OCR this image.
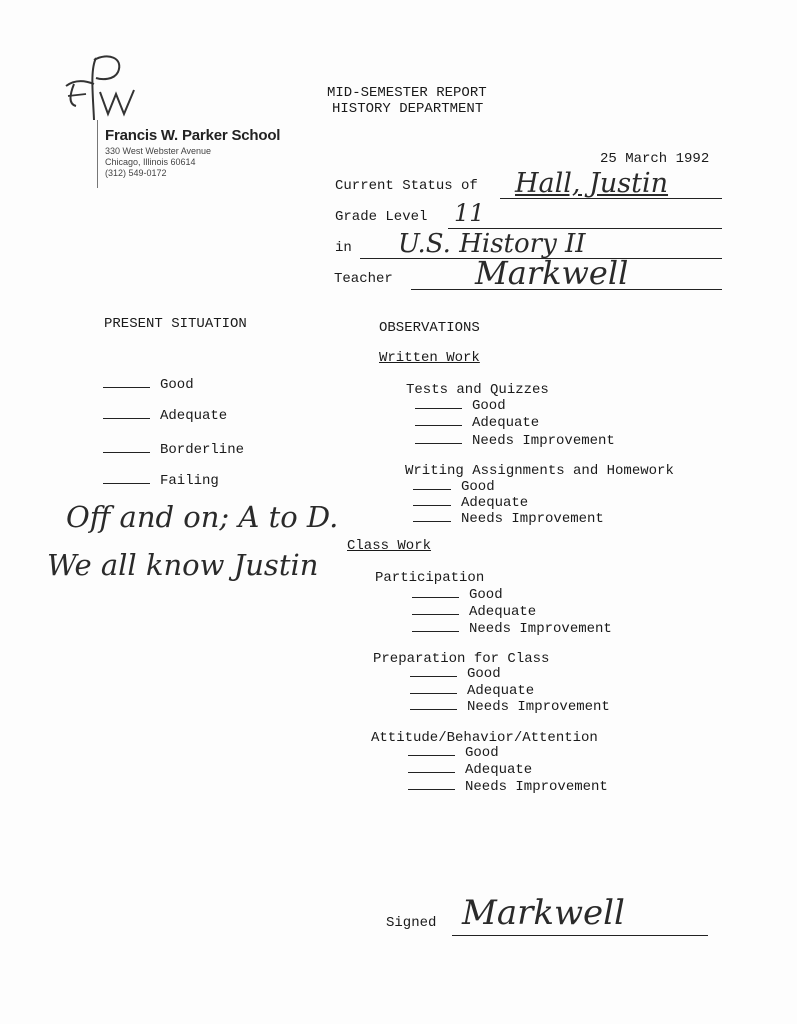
Francis W. Parker School
330 West Webster Avenue
Chicago, Illinois 60614
(312) 549-0172
MID-SEMESTER REPORT
HISTORY DEPARTMENT
25 March 1992
Current Status of Hall, Justin
Grade Level 11
in U.S. History II
Teacher	Markwell
PRESENT SITUATION
Good
Adequate
Borderline
Failing
Off and on; A to D.
We all know Justin
OBSERVATIONS
Written Work
Tests and Quizzes
Good
Adequate
Needs Improvement
Writing Assignments and Homework
Good
Adequate
Needs Improvement
Class Work
Participation
Good
Adequate
Needs Improvement
Preparation for Class
Good
Adequate
Needs Improvement
Attitude/Behavior/Attention
Good
Adequate
Needs Improvement
Signed Markwell
